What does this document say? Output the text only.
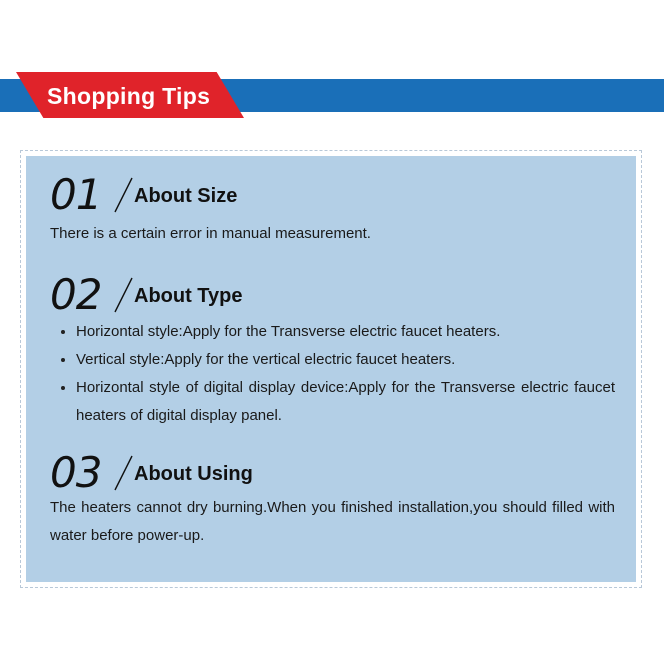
Shopping Tips
01 About Size
There is a certain error in manual measurement.
02 About Type
Horizontal style:Apply for the Transverse electric faucet heaters.
Vertical style:Apply for the vertical electric faucet heaters.
Horizontal style of digital display device:Apply for the Transverse electric faucet heaters of digital display panel.
03 About Using
The heaters cannot dry burning.When you finished installation,you should filled with water before power-up.
